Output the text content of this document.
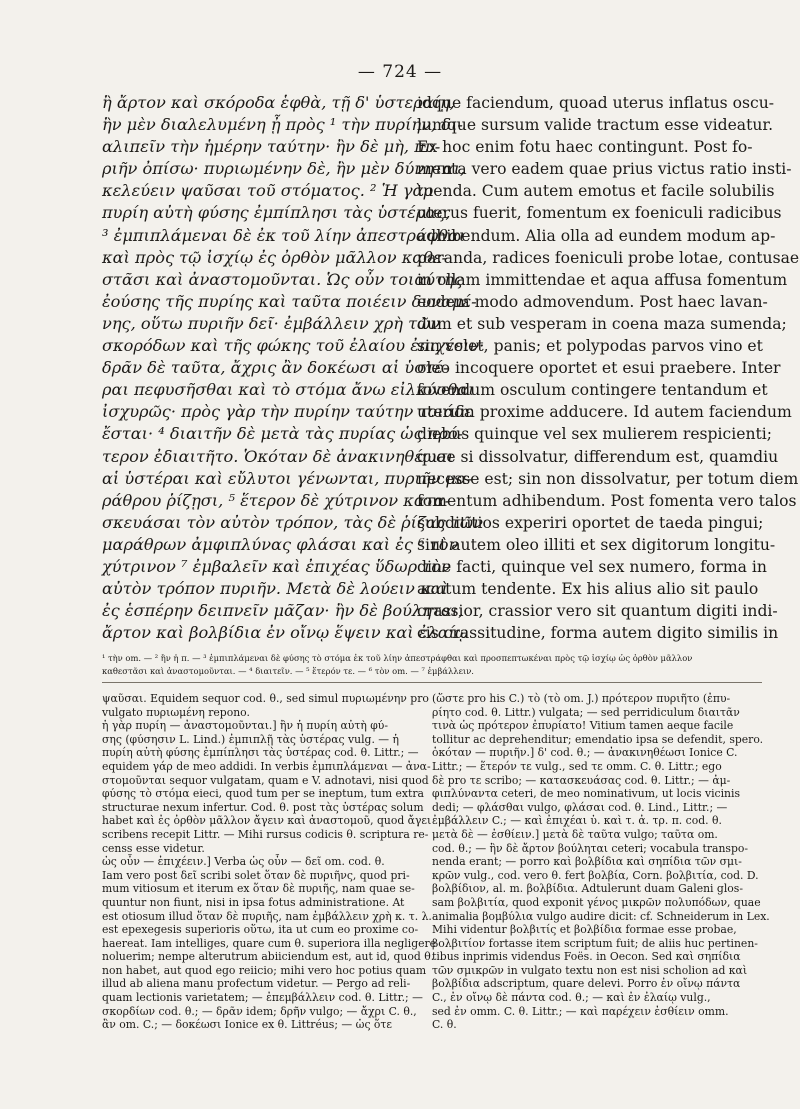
— 724 —
ἢ ἄρτον καὶ σκόροδα ἑφθὰ, τῇ δ' ὑστεραίῃ,
ἢν μὲν διαλελυμένη ᾖ πρὸς ¹ τὴν πυρίην, δι-
αλιπεῖν τὴν ἡμέρην ταύτην· ἢν δὲ μὴ, πυ-
ριῆν ὀπίσω· πυριωμένην δὲ, ἢν μὲν δύνηται,
κελεύειν ψαῦσαι τοῦ στόματος. ² Ἡ γὰρ
πυρίη αὐτὴ φύσης ἐμπίπλησι τὰς ὑστέρας,
³ ἐμπιπλάμεναι δὲ ἐκ τοῦ λίην ἀπεστράφθαι
καὶ πρὸς τῷ ἰσχίῳ ἐς ὀρθὸν μᾶλλον καθε-
στᾶσι καὶ ἀναστομοῦνται. Ὡς οὖν τοιαύτης
ἐούσης τῆς πυρίης καὶ ταῦτα ποιέειν δυναμέ-
νης, οὕτω πυριῆν δεῖ· ἐμβάλλειν χρὴ τῶν
σκορόδων καὶ τῆς φώκης τοῦ ἐλαίου ἐπιχέειν·
δρᾶν δὲ ταῦτα, ἄχρις ἂν δοκέωσι αἱ ὑστέ-
ραι πεφυσῆσθαι καὶ τὸ στόμα ἄνω εἰλκύσθαι
ἰσχυρῶς· πρὸς γὰρ τὴν πυρίην ταύτην τοιάδε
ἔσται· ⁴ διαιτῆν δὲ μετὰ τὰς πυρίας ὡς πρό-
τερον ἐδιαιτῆτο. Ὁκόταν δὲ ἀνακινηθέωσι
αἱ ὑστέραι καὶ εὔλυτοι γένωνται, πυριῆν μα-
ράθρου ῥίζῃσι, ⁵ ἕτερον δὲ χύτρινον κατα-
σκευάσαι τὸν αὐτὸν τρόπον, τὰς δὲ ῥίζας τῶν
μαράθρων ἀμφιπλύνας φλάσαι καὶ ἐς ⁶ τὸν
χύτρινον ⁷ ἐμβαλεῖν καὶ ἐπιχέας ὕδωρ τὸν
αὐτὸν τρόπον πυριῆν. Μετὰ δὲ λούειν καὶ
ἐς ἑσπέρην δειπνεῖν μᾶζαν· ἢν δὲ βούληται,
ἄρτον καὶ βολβίδια ἐν οἴνῳ ἕψειν καὶ ἐλαίῳ
idque faciendum, quoad uterus inflatus oscu-
lumque sursum valide tractum esse videatur.
Ex hoc enim fotu haec contingunt. Post fo-
menta vero eadem quae prius victus ratio insti-
tuenda. Cum autem emotus et facile solubilis
uterus fuerit, fomentum ex foeniculi radicibus
adhibendum. Alia olla ad eundem modum ap-
paranda, radices foeniculi probe lotae, contusae
in ollam immittendae et aqua affusa fomentum
eodem modo admovendum. Post haec lavan-
dum et sub vesperam in coena maza sumenda;
sin volet, panis; et polypodas parvos vino et
oleo incoquere oportet et esui praebere. Inter
fovendum osculum contingere tentandum et
uterum proxime adducere. Id autem faciendum
diebus quinque vel sex mulierem respicienti;
quae si dissolvatur, differendum est, quamdiu
necesse est; sin non dissolvatur, per totum diem
fomentum adhibendum. Post fomenta vero talos
subdititios experiri oportet de taeda pingui;
sint autem oleo illiti et sex digitorum longitu-
dine facti, quinque vel sex numero, forma in
acutum tendente. Ex his alius alio sit paulo
crassior, crassior vero sit quantum digiti indi-
cis crassitudine, forma autem digito similis in
¹ τὴν om. — ² ἢν ἡ π. — ³ ἐμπιπλάμεναι δὲ φύσης τὸ στόμα ἐκ τοῦ λίην ἀπεστράφθαι καὶ προσπεπτωκέναι πρὸς τῷ ἰσχίῳ ὡς ὀρθὸν μᾶλλον
καθεστᾶσι καὶ ἀναστομοῦνται. — ⁴ διαιτεῖν. — ⁵ ἕτερόν τε. — ⁶ τὸν om. — ⁷ ἐμβάλλειν.
ψαῦσαι. Equidem sequor cod. θ., sed simul πυριωμένην pro
vulgato πυριωμένη repono.
ἡ γὰρ πυρίη — ἀναστομοῦνται.] ἢν ἡ πυρίη αὐτὴ φύ-
σης (φύσησιν L. Lind.) ἐμπιπλῇ τὰς ὑστέρας vulg. — ἡ
πυρίη αὐτὴ φύσης ἐμπίπλησι τὰς ὑστέρας cod. θ. Littr.; —
equidem γάρ de meo addidi. In verbis ἐμπιπλάμεναι — ἀνα-
στομοῦνται sequor vulgatam, quam e V. adnotavi, nisi quod
φύσης τὸ στόμα eieci, quod tum per se ineptum, tum extra
structurae nexum infertur. Cod. θ. post τὰς ὑστέρας solum
habet καὶ ἐς ὀρθὸν μᾶλλον ἄγειν καὶ ἀναστομοῦ, quod ἄγει
scribens recepit Littr. — Mihi rursus codicis θ. scriptura re-
censs esse videtur.
ὡς οὖν — ἐπιχέειν.] Verba ὡς οὖν — δεῖ om. cod. θ.
Iam vero post δεῖ scribi solet ὅταν δὲ πυριῆνς, quod pri-
mum vitiosum et iterum ex ὅταν δὲ πυριῆς, nam quae se-
quuntur non fiunt, nisi in ipsa fotus administratione. At
est otiosum illud ὅταν δὲ πυριῆς, nam ἐμβάλλειν χρὴ κ. τ. λ.
est epexegesis superioris οὕτω, ita ut cum eo proxime co-
haereat. Iam intelliges, quare cum θ. superiora illa negligere
noluerim; nempe alterutrum abiiciendum est, aut id, quod θ.
non habet, aut quod ego reiicio; mihi vero hoc potius quam
illud ab aliena manu profectum videtur. — Pergo ad reli-
quam lectionis varietatem; — ἐπεμβάλλειν cod. θ. Littr.; —
σκορδίων cod. θ.; — δρᾶν idem; δρῆν vulgo; — ἄχρι C. θ.,
ἂν om. C.; — δοκέωσι Ionice ex θ. Littréus; — ὡς ὅτε
(ὥστε pro his C.) τὸ (τὸ om. J.) πρότερον πυριῆτο (ἐπυ-
ρίητο cod. θ. Littr.) vulgata; — sed perridiculum διαιτᾶν
τινὰ ὡς πρότερον ἐπυρίατο! Vitium tamen aeque facile
tollitur ac deprehenditur; emendatio ipsa se defendit, spero.
ὁκόταν — πυριῆν.] δ' cod. θ.; — ἀνακινηθέωσι Ionice C.
Littr.; — ἕτερόν τε vulg., sed τε omm. C. θ. Littr.; ego
δὲ pro τε scribo; — κατασκευάσας cod. θ. Littr.; — ἀμ-
φιπλύναντα ceteri, de meo nominativum, ut locis vicinis
dedi; — φλάσθαι vulgo, φλάσαι cod. θ. Lind., Littr.; —
ἐμβάλλειν C.; — καὶ ἐπιχέαι ὑ. καὶ τ. ἀ. τρ. π. cod. θ.
μετὰ δὲ — ἐσθίειν.] μετὰ δὲ ταῦτα vulgo; ταῦτα om.
cod. θ.; — ἢν δὲ ἄρτον βούληται ceteri; vocabula transpo-
nenda erant; — porro καὶ βολβίδια καὶ σηπίδια τῶν σμι-
κρῶν vulg., cod. vero θ. fert βολβία, Corn. βολβιτία, cod. D.
βολβίδιον, al. m. βολβίδια. Adtulerunt duam Galeni glos-
sam βολβιτία, quod exponit γένος μικρῶν πολυπόδων, quae
animalia βομβύλια vulgo audire dicit: cf. Schneiderum in Lex.
Mihi videntur βολβιτίς et βολβίδια formae esse probae,
βολβιτίον fortasse item scriptum fuit; de aliis huc pertinen-
tibus inprimis videndus Foës. in Oecon. Sed καὶ σηπίδια
τῶν σμικρῶν in vulgato textu non est nisi scholion ad καὶ
βολβίδια adscriptum, quare delevi. Porro ἐν οἴνῳ πάντα
C., ἐν οἴνῳ δὲ πάντα cod. θ.; — καὶ ἐν ἐλαίῳ vulg.,
sed ἐν omm. C. θ. Littr.; — καὶ παρέχειν ἐσθίειν omm.
C. θ.
